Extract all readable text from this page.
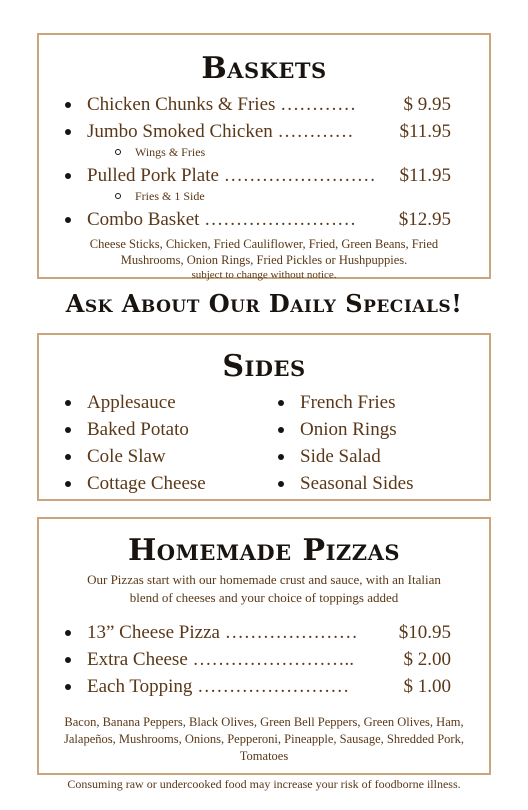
Baskets
Chicken Chunks & Fries ………… $ 9.95
Jumbo Smoked Chicken ………… $11.95
Wings & Fries
Pulled Pork Plate …………………… $11.95
Fries & 1 Side
Combo Basket …………………… $12.95
Cheese Sticks, Chicken, Fried Cauliflower, Fried, Green Beans, Fried Mushrooms, Onion Rings, Fried Pickles or Hushpuppies.
subject to change without notice.
Ask About Our Daily Specials!
Sides
Applesauce
Baked Potato
Cole Slaw
Cottage Cheese
French Fries
Onion Rings
Side Salad
Seasonal Sides
Homemade Pizzas
Our Pizzas start with our homemade crust and sauce, with an Italian blend of cheeses and your choice of toppings added
13” Cheese Pizza ………………… $10.95
Extra Cheese ……………………..	$ 2.00
Each Topping ……………………	$ 1.00
Bacon, Banana Peppers, Black Olives, Green Bell Peppers, Green Olives, Ham, Jalapeños, Mushrooms, Onions, Pepperoni, Pineapple, Sausage, Shredded Pork, Tomatoes
Consuming raw or undercooked food may increase your risk of foodborne illness.
